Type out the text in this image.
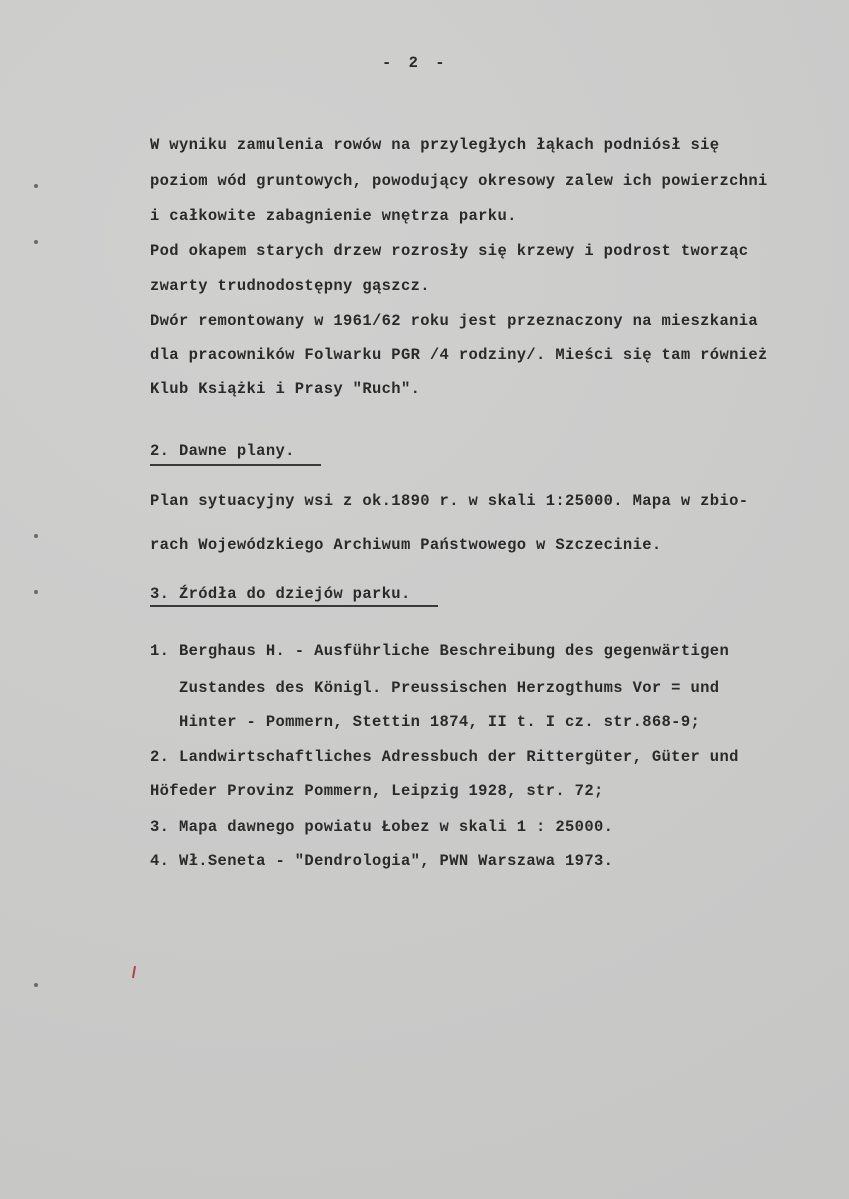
- 2 -
W wyniku zamulenia rowów na przyległych łąkach podniósł się
poziom wód gruntowych, powodujący okresowy zalew ich powierzchni
i całkowite zabagnienie wnętrza parku.
Pod okapem starych drzew rozrosły się krzewy i podrost tworząc
zwarty trudnodostępny gąszcz.
Dwór remontowany w 1961/62 roku jest przeznaczony na mieszkania
dla pracowników Folwarku PGR /4 rodziny/. Mieści się tam również
Klub Książki i Prasy "Ruch".
2. Dawne plany.
Plan sytuacyjny wsi z ok.1890 r. w skali 1:25000. Mapa w zbio-
rach Wojewódzkiego Archiwum Państwowego w Szczecinie.
3. Źródła do dziejów parku.
1. Berghaus H. - Ausführliche Beschreibung des gegenwärtigen
Zustandes des Königl. Preussischen Herzogthums Vor = und
Hinter - Pommern, Stettin 1874, II t. I cz. str.868-9;
2. Landwirtschaftliches Adressbuch der Rittergüter, Güter und
Höfeder Provinz Pommern, Leipzig 1928, str. 72;
3. Mapa dawnego powiatu Łobez w skali 1 : 25000.
4. Wł.Seneta - "Dendrologia", PWN Warszawa 1973.
